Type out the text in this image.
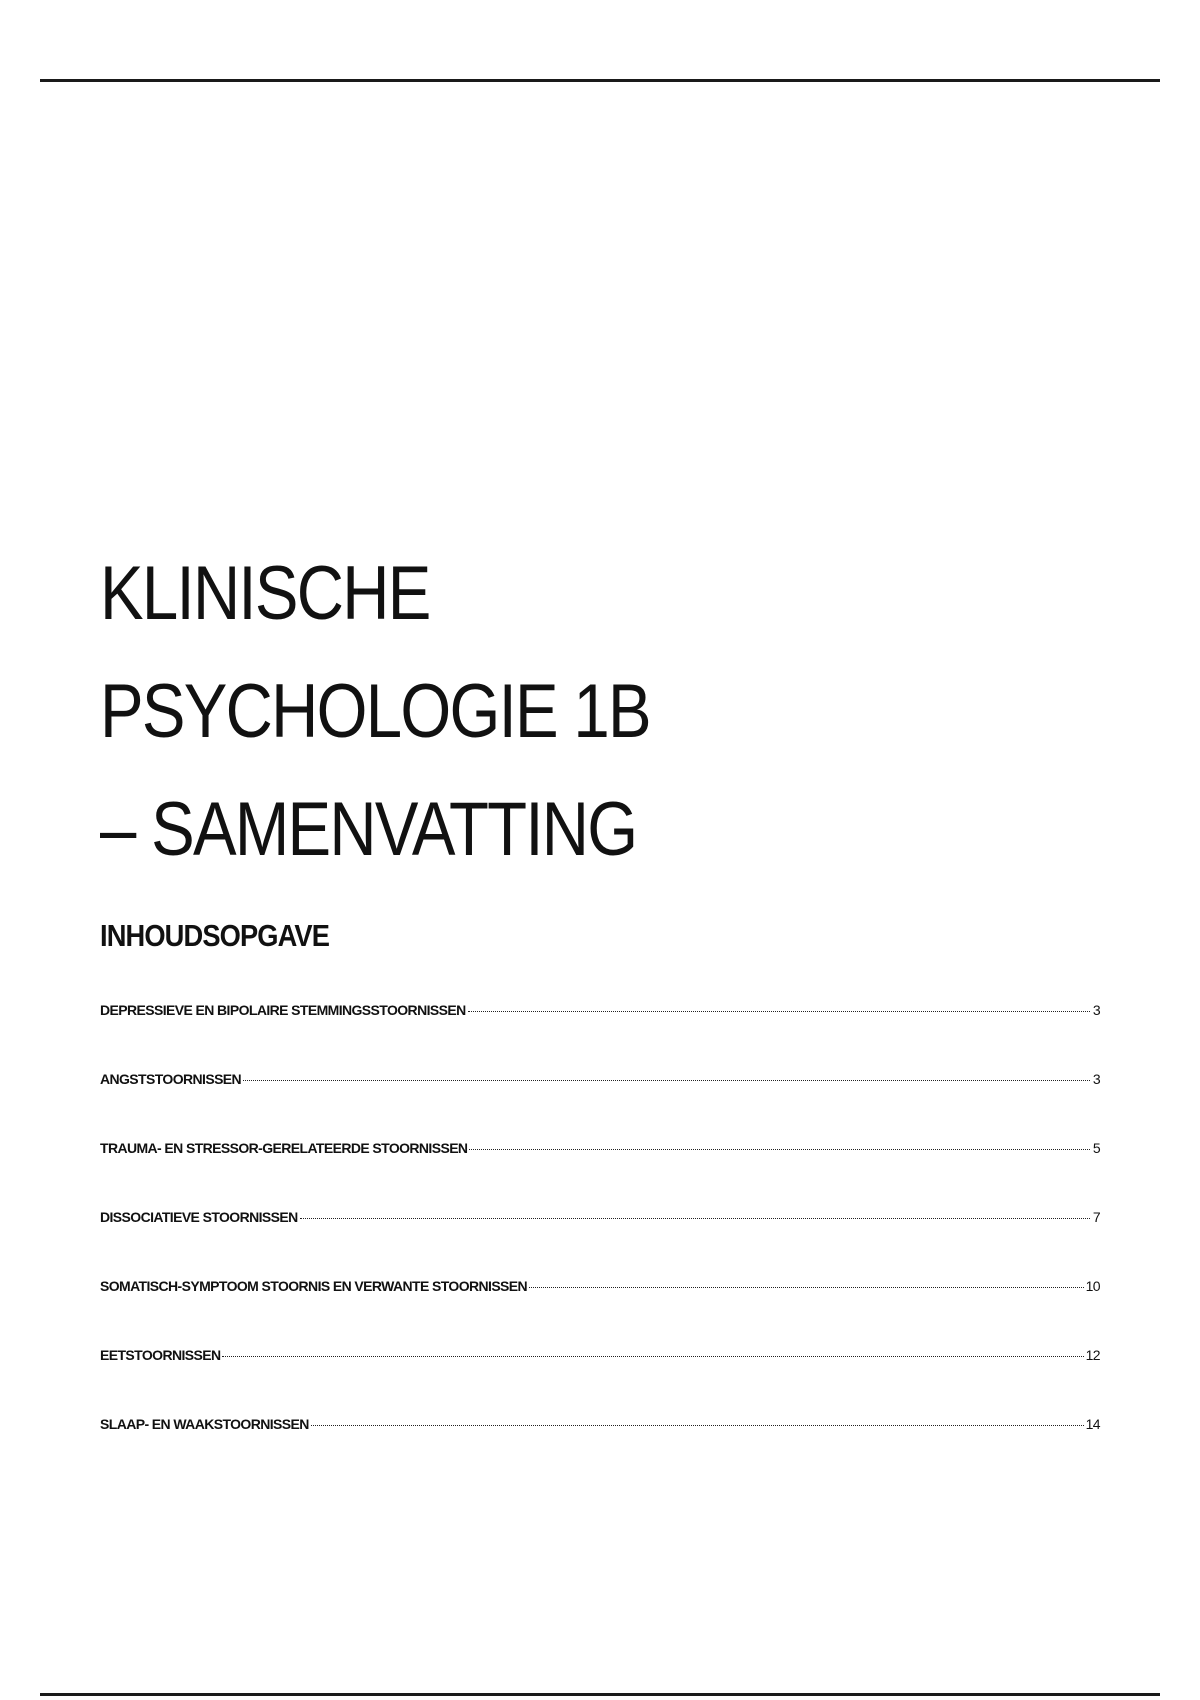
KLINISCHE
PSYCHOLOGIE 1B
– SAMENVATTING
INHOUDSOPGAVE
DEPRESSIEVE EN BIPOLAIRE STEMMINGSSTOORNISSEN	3
ANGSTSTOORNISSEN	3
TRAUMA- EN STRESSOR-GERELATEERDE STOORNISSEN	5
DISSOCIATIEVE STOORNISSEN	7
SOMATISCH-SYMPTOOM STOORNIS EN VERWANTE STOORNISSEN	10
EETSTOORNISSEN	12
SLAAP- EN WAAKSTOORNISSEN	14
